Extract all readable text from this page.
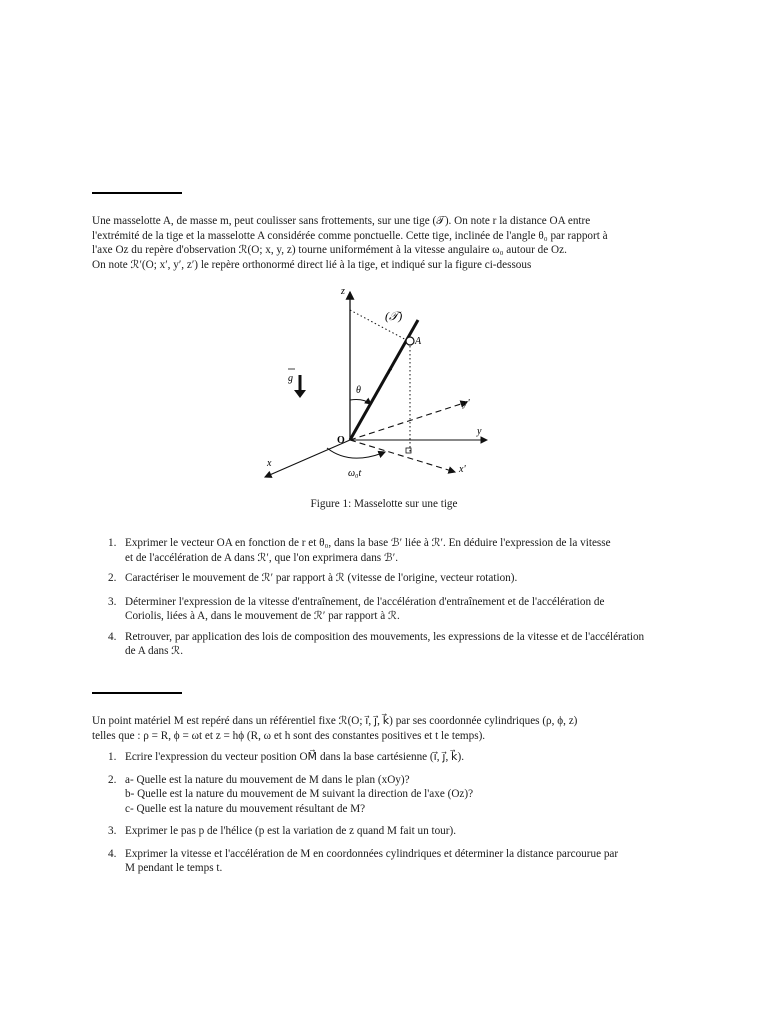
Une masselotte A, de masse m, peut coulisser sans frottements, sur une tige (𝒯). On note r la distance OA entre

l'extrémité de la tige et la masselotte A considérée comme ponctuelle. Cette tige, inclinée de l'angle θ₀ par rapport à

l'axe Oz du repère d'observation ℛ(O; x, y, z) tourne uniformément à la vitesse angulaire ω₀ autour de Oz.

On note ℛ′(O; x′, y′, z′) le repère orthonormé direct lié à la tige, et indiqué sur la figure ci-dessous

z
y
x
y'
x'
A
(𝒯)
r
θ
O
ω₀t
g
Figure 1: Masselotte sur une tige
1. Exprimer le vecteur OA en fonction de r et θ₀, dans la base ℬ′ liée à ℛ′. En déduire l'expression de la vitesse
et de l'accélération de A dans ℛ′, que l'on exprimera dans ℬ′.
2. Caractériser le mouvement de ℛ′ par rapport à ℛ (vitesse de l'origine, vecteur rotation).
3. Déterminer l'expression de la vitesse d'entraînement, de l'accélération d'entraînement et de l'accélération de
Coriolis, liées à A, dans le mouvement de ℛ′ par rapport à ℛ.
4. Retrouver, par application des lois de composition des mouvements, les expressions de la vitesse et de l'accélération
de A dans ℛ.

Un point matériel M est repéré dans un référentiel fixe ℛ(O; i⃗, j⃗, k⃗) par ses coordonnée cylindriques (ρ, ϕ, z)

telles que : ρ = R, ϕ = ωt et z = hϕ (R, ω et h sont des constantes positives et t le temps).

1. Ecrire l'expression du vecteur position OM⃗ dans la base cartésienne (i⃗, j⃗, k⃗).
2. a- Quelle est la nature du mouvement de M dans le plan (xOy)?
b- Quelle est la nature du mouvement de M suivant la direction de l'axe (Oz)?
c- Quelle est la nature du mouvement résultant de M?
3. Exprimer le pas p de l'hélice (p est la variation de z quand M fait un tour).
4. Exprimer la vitesse et l'accélération de M en coordonnées cylindriques et déterminer la distance parcourue par
M pendant le temps t.
